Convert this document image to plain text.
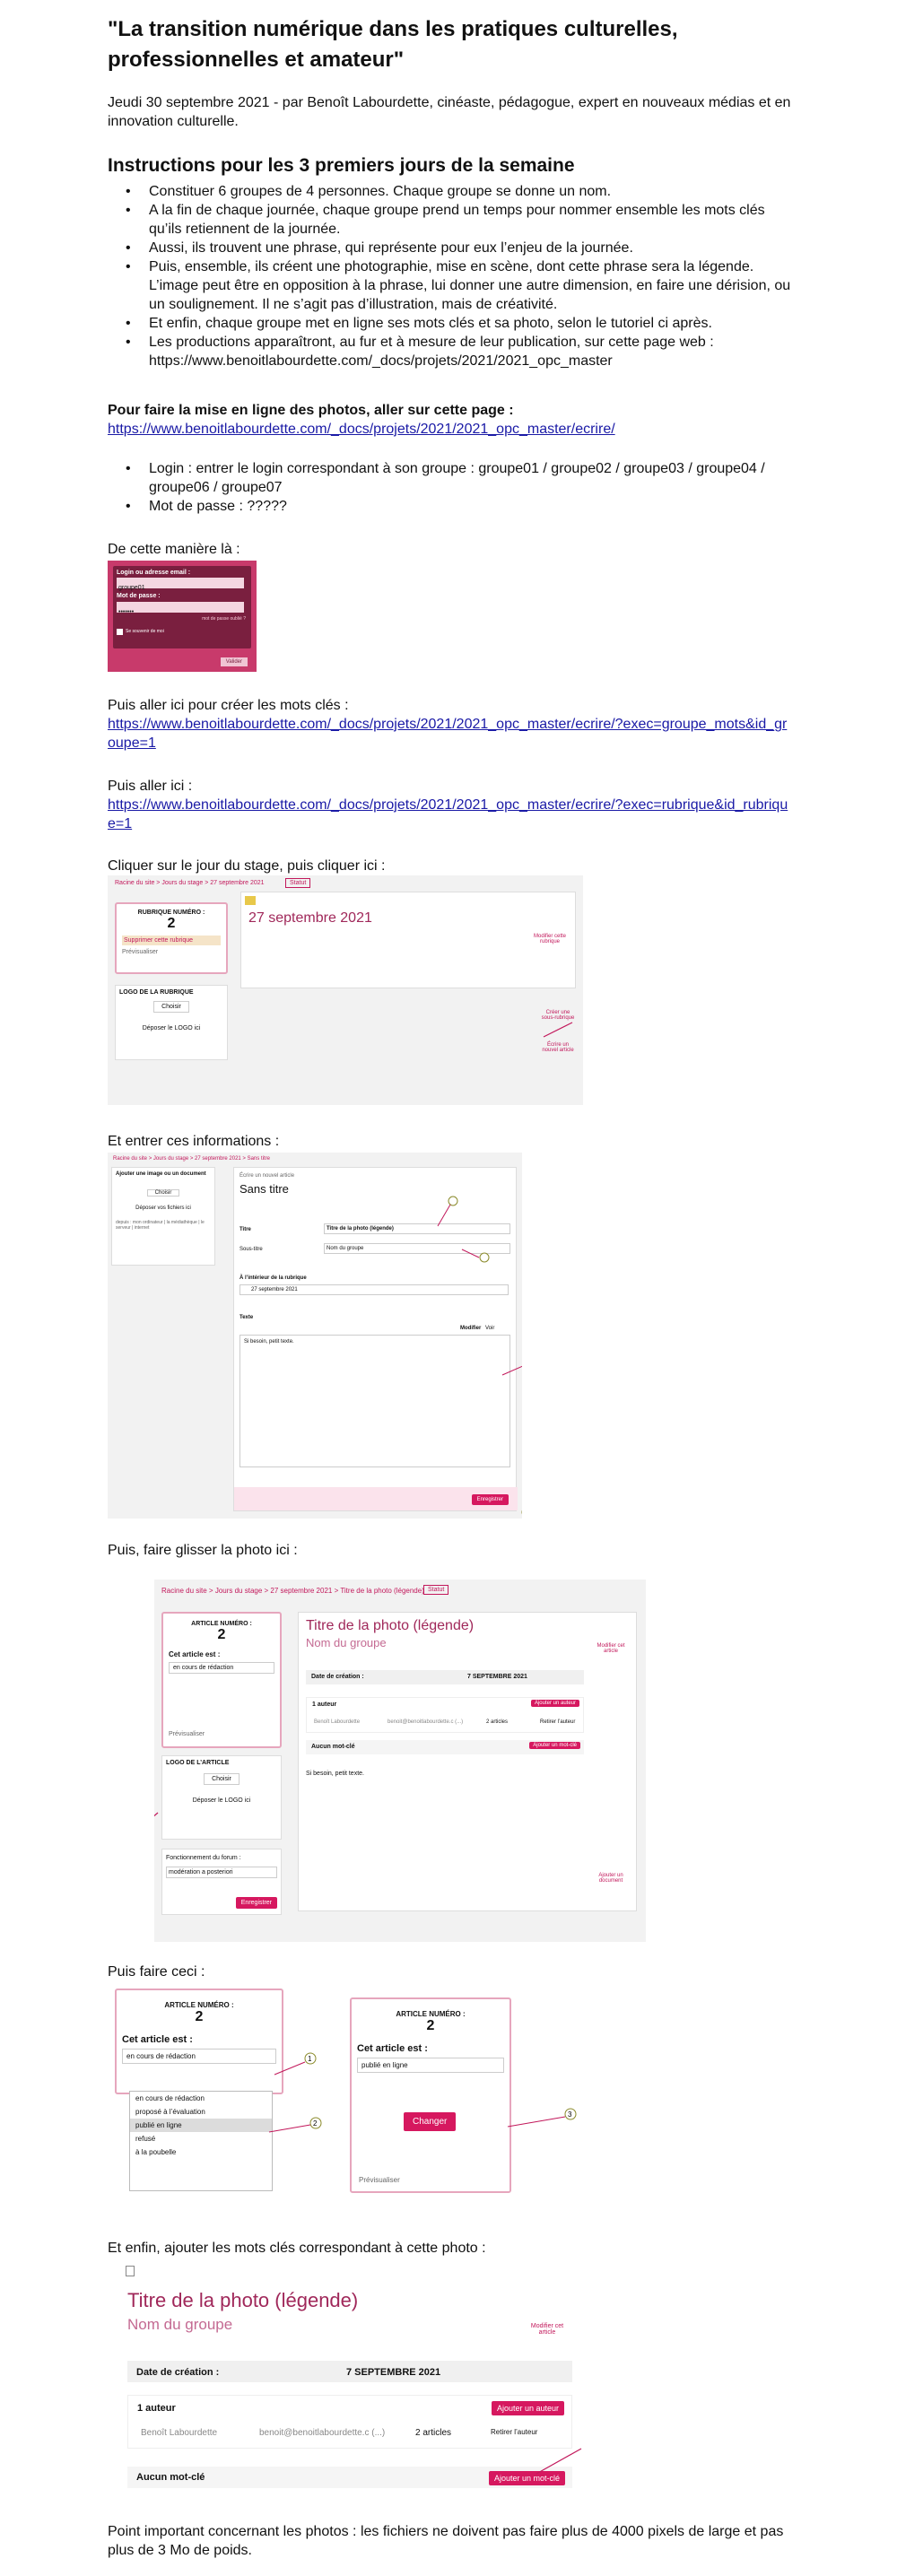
"La transition numérique dans les pratiques culturelles, professionnelles et amateur"
Jeudi 30 septembre 2021 - par Benoît Labourdette, cinéaste, pédagogue, expert en nouveaux médias et en innovation culturelle.
Instructions pour les 3 premiers jours de la semaine
• Constituer 6 groupes de 4 personnes. Chaque groupe se donne un nom.
• A la fin de chaque journée, chaque groupe prend un temps pour nommer ensemble les mots clés qu’ils retiennent de la journée.
• Aussi, ils trouvent une phrase, qui représente pour eux l’enjeu de la journée.
• Puis, ensemble, ils créent une photographie, mise en scène, dont cette phrase sera la légende. L’image peut être en opposition à la phrase, lui donner une autre dimension, en faire une dérision, ou un soulignement. Il ne s’agit pas d’illustration, mais de créativité.
• Et enfin, chaque groupe met en ligne ses mots clés et sa photo, selon le tutoriel ci après.
• Les productions apparaîtront, au fur et à mesure de leur publication, sur cette page web : https://www.benoitlabourdette.com/_docs/projets/2021/2021_opc_master
Pour faire la mise en ligne des photos, aller sur cette page :
https://www.benoitlabourdette.com/_docs/projets/2021/2021_opc_master/ecrire/
• Login : entrer le login correspondant à son groupe : groupe01 / groupe02 / groupe03 / groupe04 / groupe06 / groupe07
• Mot de passe : ?????
De cette manière là :
Login ou adresse email :
groupe01
Mot de passe :
•••••••
mot de passe oublié ?
Se souvenir de moi
Valider
Puis aller ici pour créer les mots clés :
https://www.benoitlabourdette.com/_docs/projets/2021/2021_opc_master/ecrire/?exec=groupe_mots&id_groupe=1
Puis aller ici :
https://www.benoitlabourdette.com/_docs/projets/2021/2021_opc_master/ecrire/?exec=rubrique&id_rubrique=1
Cliquer sur le jour du stage, puis cliquer ici :
Racine du site > Jours du stage > 27 septembre 2021	Statut
RUBRIQUE NUMÉRO :
2
Supprimer cette rubrique
Prévisualiser
LOGO DE LA RUBRIQUE
Choisir
Déposer le LOGO ici
27 septembre 2021
Modifier cette rubrique
Créer une sous-rubrique
Écrire un nouvel article
Et entrer ces informations :
Racine du site > Jours du stage > 27 septembre 2021 > Sans titre
Ajouter une image ou un document
Choisir
Déposer vos fichiers ici
depuis : mon ordinateur | la médiathèque | le serveur | internet
Écrire un nouvel article
Sans titre
Titre	Titre de la photo (légende)
Sous-titre	Nom du groupe
À l’intérieur de la rubrique
27 septembre 2021
Texte
Modifier Voir
Si besoin, petit texte.
Enregistrer
Puis, faire glisser la photo ici :
Racine du site > Jours du stage > 27 septembre 2021 > Titre de la photo (légende) Statut
ARTICLE NUMÉRO :
2
Cet article est :
en cours de rédaction
Prévisualiser
LOGO DE L’ARTICLE
Choisir
Déposer le LOGO ici
Fonctionnement du forum :
modération a posteriori
Enregistrer
Titre de la photo (légende)
Nom du groupe	Modifier cet article
Date de création :	7 SEPTEMBRE 2021
1 auteur	Ajouter un auteur
Benoît Labourdette	benoit@benoitlabourdette.c (...)	2 articles	Retirer l’auteur
Aucun mot-clé	Ajouter un mot-clé
Si besoin, petit texte.
Ajouter un document
Puis faire ceci :
ARTICLE NUMÉRO :
2
Cet article est :
en cours de rédaction
en cours de rédaction
proposé à l’évaluation
publié en ligne
refusé
à la poubelle
ARTICLE NUMÉRO :
2
Cet article est :
publié en ligne
Changer
Prévisualiser
1
2
3
Et enfin, ajouter les mots clés correspondant à cette photo :
Titre de la photo (légende)
Nom du groupe	Modifier cet article
Date de création :	7 SEPTEMBRE 2021
1 auteur	Ajouter un auteur
Benoît Labourdette	benoit@benoitlabourdette.c (...)	2 articles	Retirer l’auteur
Aucun mot-clé	Ajouter un mot-clé
Point important concernant les photos : les fichiers ne doivent pas faire plus de 4000 pixels de large et pas plus de 3 Mo de poids.
